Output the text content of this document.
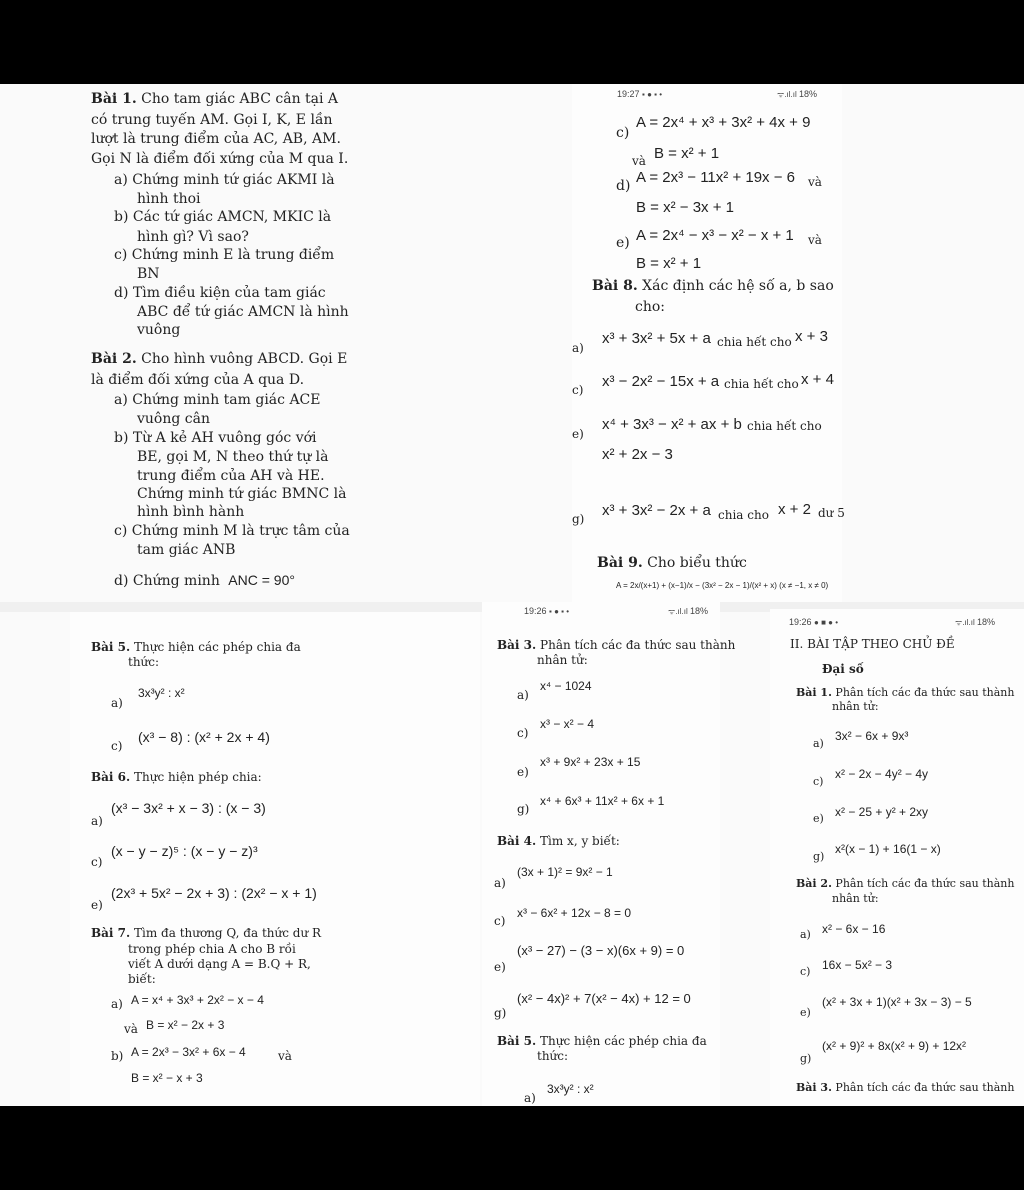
Bài 1. Cho tam giác ABC cân tại A
có trung tuyến AM. Gọi I, K, E lần
lượt là trung điểm của AC, AB, AM.
Gọi N là điểm đối xứng của M qua I.
a) Chứng minh tứ giác AKMI là
hình thoi
b) Các tứ giác AMCN, MKIC là
hình gì? Vì sao?
c) Chứng minh E là trung điểm
BN
d) Tìm điều kiện của tam giác
ABC để tứ giác AMCN là hình
vuông
Bài 2. Cho hình vuông ABCD. Gọi E
là điểm đối xứng của A qua D.
a) Chứng minh tam giác ACE
vuông cân
b) Từ A kẻ AH vuông góc với
BE, gọi M, N theo thứ tự là
trung điểm của AH và HE.
Chứng minh tứ giác BMNC là
hình bình hành
c) Chứng minh M là trực tâm của
tam giác ANB
d) Chứng minh ANC = 90°
19:27 ▪ ● ▪ •	ᯤ.ıl.ıl 18%
c)
A = 2x⁴ + x³ + 3x² + 4x + 9
và B = x² + 1
d) A = 2x³ − 11x² + 19x − 6 và
B = x² − 3x + 1
e) A = 2x⁴ − x³ − x² − x + 1 và
B = x² + 1
Bài 8. Xác định các hệ số a, b sao
cho:
a)
x³ + 3x² + 5x + a chia hết cho x + 3
c) x³ − 2x² − 15x + a chia hết cho x + 4
e)
x⁴ + 3x³ − x² + ax + b chia hết cho
x² + 2x − 3
g) x³ + 3x² − 2x + a chia cho x + 2 dư 5
Bài 9. Cho biểu thức
A = 2x/(x+1) + (x−1)/x − (3x² − 2x − 1)/(x² + x) (x ≠ −1, x ≠ 0)
Bài 5. Thực hiện các phép chia đa
thức:
a)
3x³y² : x²
c)
(x³ − 8) : (x² + 2x + 4)
Bài 6. Thực hiện phép chia:
a)
(x³ − 3x² + x − 3) : (x − 3)
c)
(x − y − z)⁵ : (x − y − z)³
e)
(2x³ + 5x² − 2x + 3) : (2x² − x + 1)
Bài 7. Tìm đa thương Q, đa thức dư R
trong phép chia A cho B rồi
viết A dưới dạng A = B.Q + R,
biết:
a) A = x⁴ + 3x³ + 2x² − x − 4
và B = x² − 2x + 3
b) A = 2x³ − 3x² + 6x − 4	và
B = x² − x + 3
19:26 ▪ ● ▪ •	ᯤ.ıl.ıl 18%
Bài 3. Phân tích các đa thức sau thành
nhân tử:
a)
x⁴ − 1024
c)
x³ − x² − 4
e)
x³ + 9x² + 23x + 15
g)
x⁴ + 6x³ + 11x² + 6x + 1
Bài 4. Tìm x, y biết:
a)
(3x + 1)² = 9x² − 1
c)
x³ − 6x² + 12x − 8 = 0
e)
(x³ − 27) − (3 − x)(6x + 9) = 0
g)
(x² − 4x)² + 7(x² − 4x) + 12 = 0
Bài 5. Thực hiện các phép chia đa
thức:
a)
3x³y² : x²
19:26 ● ■ ● •	ᯤ.ıl.ıl 18%
II. BÀI TẬP THEO CHỦ ĐỀ
Đại số
Bài 1. Phân tích các đa thức sau thành
nhân tử:
a)
3x² − 6x + 9x³
c)
x² − 2x − 4y² − 4y
e) x² − 25 + y² + 2xy
g)
x²(x − 1) + 16(1 − x)
Bài 2. Phân tích các đa thức sau thành
nhân tử:
a) x² − 6x − 16
c) 16x − 5x² − 3
e)
(x² + 3x + 1)(x² + 3x − 3) − 5
g)
(x² + 9)² + 8x(x² + 9) + 12x²
Bài 3. Phân tích các đa thức sau thành
